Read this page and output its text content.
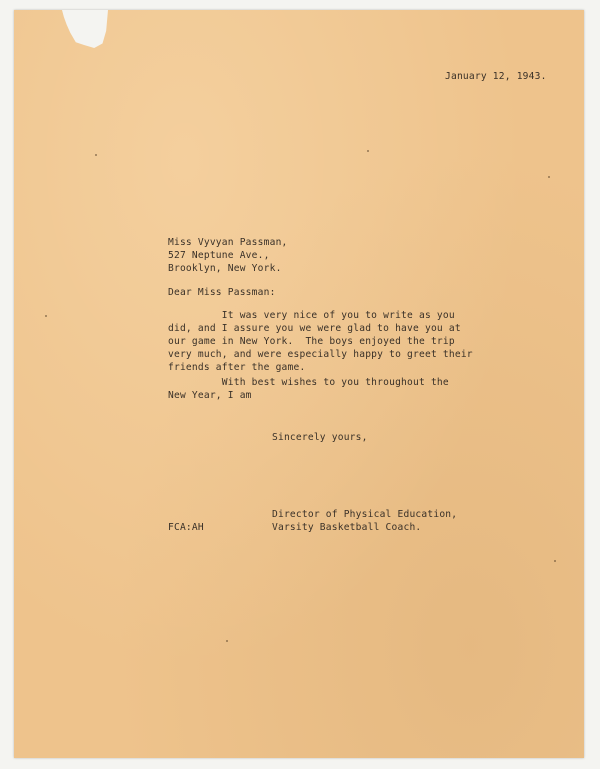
January 12, 1943.
Miss Vyvyan Passman,
527 Neptune Ave.,
Brooklyn, New York.
Dear Miss Passman:
It was very nice of you to write as you
did, and I assure you we were glad to have you at
our game in New York.  The boys enjoyed the trip
very much, and were especially happy to greet their
friends after the game.
With best wishes to you throughout the
New Year, I am
Sincerely yours,
Director of Physical Education,
Varsity Basketball Coach.
FCA:AH
